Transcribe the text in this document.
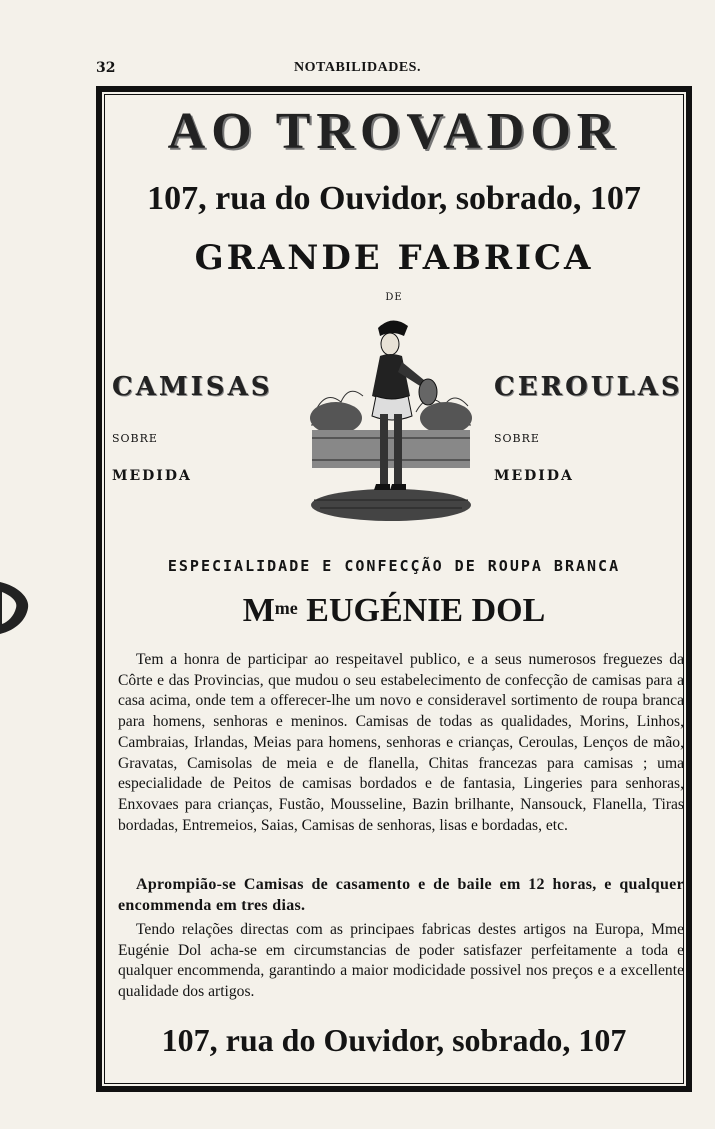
32	NOTABILIDADES.
AO TROVADOR
107, rua do Ouvidor, sobrado, 107
GRANDE FABRICA
DE
CAMISAS
SOBRE
MEDIDA
CEROULAS
SOBRE
MEDIDA
ESPECIALIDADE E CONFECÇÃO DE ROUPA BRANCA
$M^{me}$ EUGÉNIE DOL

Tem a honra de participar ao respeitavel publico, e a seus numerosos freguezes da Côrte e das Provincias, que mudou o seu estabelecimento de confecção de camisas para a casa acima, onde tem a offerecer-lhe um novo e consideravel sortimento de roupa branca para homens, senhoras e meninos. Camisas de todas as qualidades, Morins, Linhos, Cambraias, Irlandas, Meias para homens, senhoras e crianças, Ceroulas, Lenços de mão, Gravatas, Camisolas de meia e de flanella, Chitas francezas para camisas ; uma especialidade de Peitos de camisas bordados e de fantasia, Lingeries para senhoras, Enxovaes para crianças, Fustão, Mousseline, Bazin brilhante, Nansouck, Flanella, Tiras bordadas, Entremeios, Saias, Camisas de senhoras, lisas e bordadas, etc.

Aprompião-se Camisas de casamento e de baile em 12 horas, e qualquer encommenda em tres dias.

Tendo relações directas com as principaes fabricas destes artigos na Europa, Mme Eugénie Dol acha-se em circumstancias de poder satisfazer perfeitamente a toda e qualquer encommenda, garantindo a maior modicidade possivel nos preços e a excellente qualidade dos artigos.

107, rua do Ouvidor, sobrado, 107
